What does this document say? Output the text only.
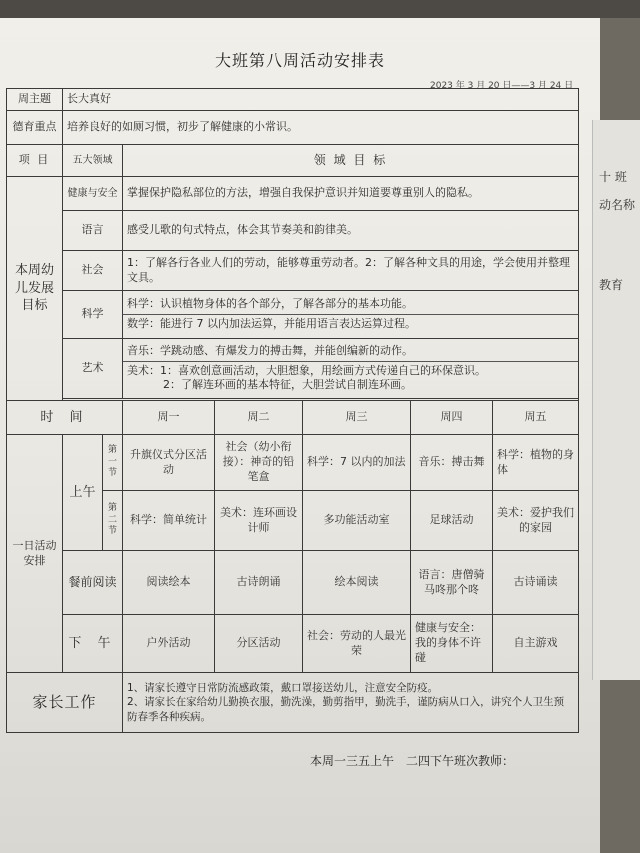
十 班
动名称
教育
大班第八周活动安排表
2023 年 3 月 20 日——3 月 24 日
周主题	长大真好						
德育重点	培养良好的如厕习惯，初步了解健康的小常识。						
项 目	五大领域		领 域 目 标				
本周幼儿发展目标	健康与安全		掌握保护隐私部位的方法，增强自我保护意识并知道要尊重别人的隐私。				
	语言		感受儿歌的句式特点，体会其节奏美和韵律美。				
	社会		1：了解各行各业人们的劳动，能够尊重劳动者。2：了解各种文具的用途，学会使用并整理文具。				
	科学		科学：认识植物身体的各个部分，了解各部分的基本功能。
数学：能进行 7 以内加法运算，并能用语言表达运算过程。				

	艺术		音乐：学跳动感、有爆发力的搏击舞，并能创编新的动作。
美术：1：喜欢创意画活动，大胆想象，用绘画方式传递自己的环保意识。
2：了解连环画的基本特征，大胆尝试自制连环画。				

时 间			周一	周二	周三	周四	周五
一日活动安排	上午	第一节	升旗仪式分区活动	社会（幼小衔接）：神奇的铅笔盒	科学：7 以内的加法	音乐：搏击舞	科学：植物的身体
		第二节	科学：简单统计	美术：连环画设计师	多功能活动室	足球活动	美术：爱护我们的家园
	餐前阅读		阅读绘本	古诗朗诵	绘本阅读	语言：唐僧骑马咚那个咚	古诗诵读
	下 午		户外活动	分区活动	社会：劳动的人最光荣	健康与安全：我的身体不许碰	自主游戏
家长工作			1、请家长遵守日常防流感政策，戴口罩接送幼儿，注意安全防疫。
2、请家长在家给幼儿勤换衣服，勤洗澡，勤剪指甲，勤洗手，谨防病从口入，讲究个人卫生预防春季各种疾病。				
本周一三五上午　二四下午班次教师：
